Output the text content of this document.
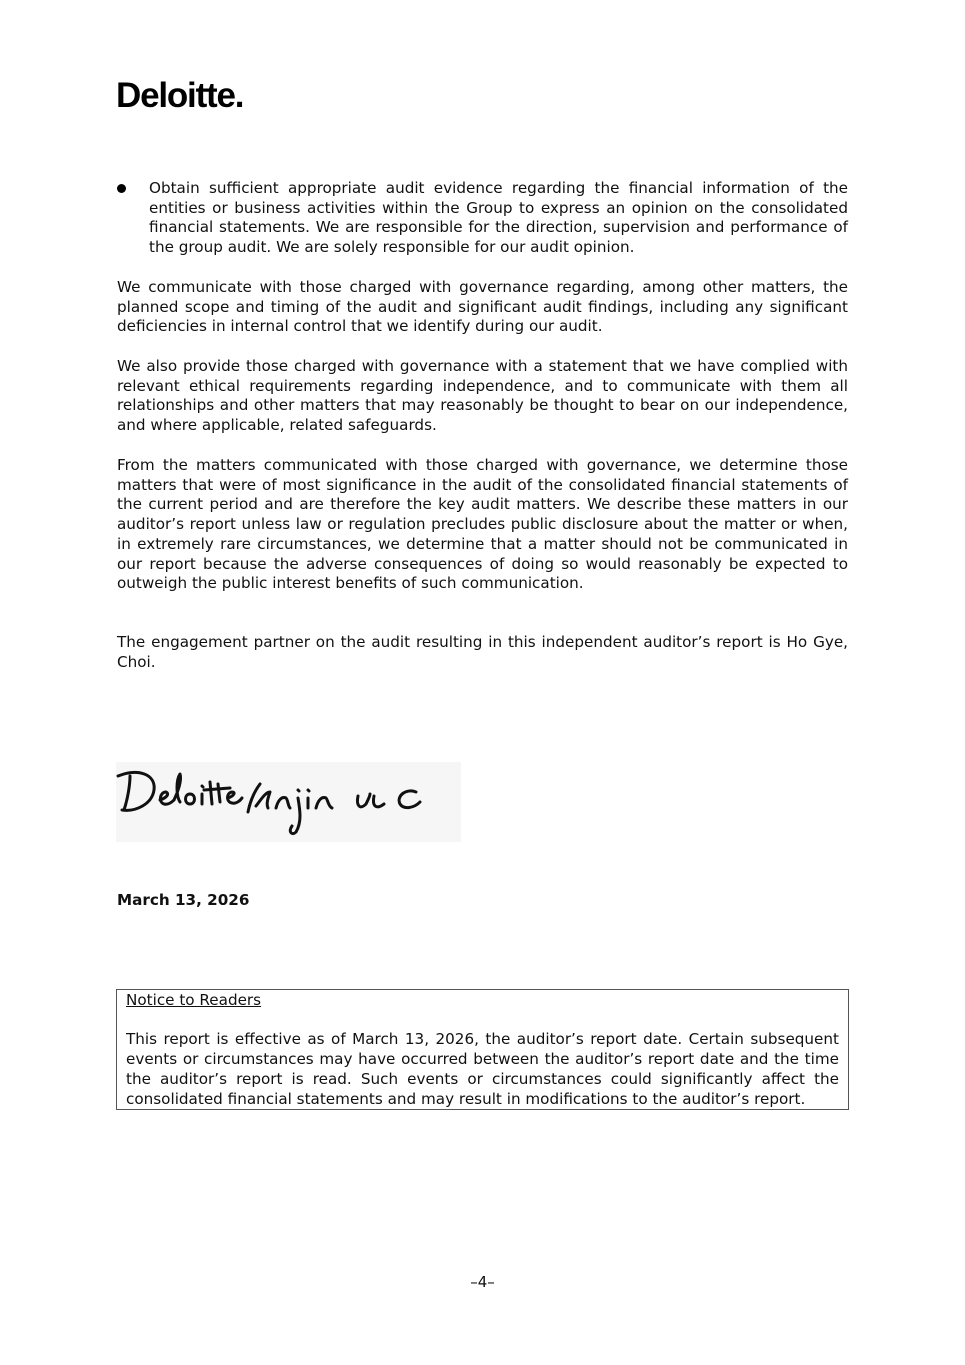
Deloitte.
Obtain sufficient appropriate audit evidence regarding the financial information of the entities or business activities within the Group to express an opinion on the consolidated financial statements. We are responsible for the direction, supervision and performance of the group audit. We are solely responsible for our audit opinion.
We communicate with those charged with governance regarding, among other matters, the planned scope and timing of the audit and significant audit findings, including any significant deficiencies in internal control that we identify during our audit.
We also provide those charged with governance with a statement that we have complied with relevant ethical requirements regarding independence, and to communicate with them all relationships and other matters that may reasonably be thought to bear on our independence, and where applicable, related safeguards.
From the matters communicated with those charged with governance, we determine those matters that were of most significance in the audit of the consolidated financial statements of the current period and are therefore the key audit matters. We describe these matters in our auditor’s report unless law or regulation precludes public disclosure about the matter or when, in extremely rare circumstances, we determine that a matter should not be communicated in our report because the adverse consequences of doing so would reasonably be expected to outweigh the public interest benefits of such communication.
The engagement partner on the audit resulting in this independent auditor’s report is Ho Gye, Choi.
March 13, 2026
Notice to Readers
This report is effective as of March 13, 2026, the auditor’s report date. Certain subsequent events or circumstances may have occurred between the auditor’s report date and the time the auditor’s report is read. Such events or circumstances could significantly affect the consolidated financial statements and may result in modifications to the auditor’s report.
–4–
